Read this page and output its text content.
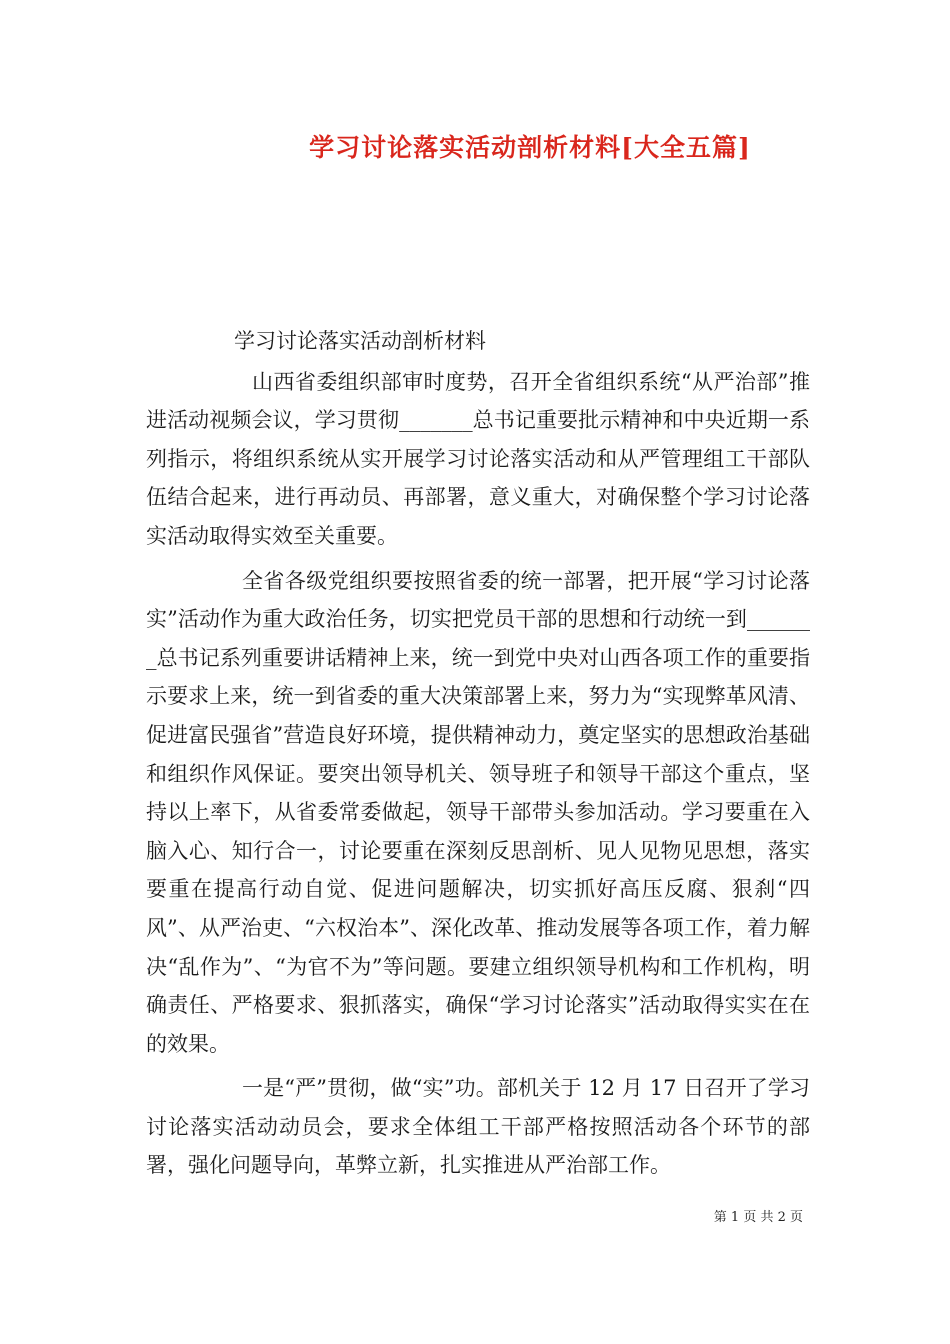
学习讨论落实活动剖析材料[大全五篇]

学习讨论落实活动剖析材料

山西省委组织部审时度势，召开全省组织系统“从严治部”推进活动视频会议，学习贯彻_______总书记重要批示精神和中央近期一系列指示，将组织系统从实开展学习讨论落实活动和从严管理组工干部队伍结合起来，进行再动员、再部署，意义重大，对确保整个学习讨论落实活动取得实效至关重要。

全省各级党组织要按照省委的统一部署，把开展“学习讨论落实”活动作为重大政治任务，切实把党员干部的思想和行动统一到_______总书记系列重要讲话精神上来，统一到党中央对山西各项工作的重要指示要求上来，统一到省委的重大决策部署上来，努力为“实现弊革风清、促进富民强省”营造良好环境，提供精神动力，奠定坚实的思想政治基础和组织作风保证。要突出领导机关、领导班子和领导干部这个重点，坚持以上率下，从省委常委做起，领导干部带头参加活动。学习要重在入脑入心、知行合一，讨论要重在深刻反思剖析、见人见物见思想，落实要重在提高行动自觉、促进问题解决，切实抓好高压反腐、狠刹“四风”、从严治吏、“六权治本”、深化改革、推动发展等各项工作，着力解决“乱作为”、“为官不为”等问题。要建立组织领导机构和工作机构，明确责任、严格要求、狠抓落实，确保“学习讨论落实”活动取得实实在在的效果。

一是“严”贯彻，做“实”功。部机关于 12 月 17 日召开了学习讨论落实活动动员会，要求全体组工干部严格按照活动各个环节的部署，强化问题导向，革弊立新，扎实推进从严治部工作。

第 1 页 共 2 页
